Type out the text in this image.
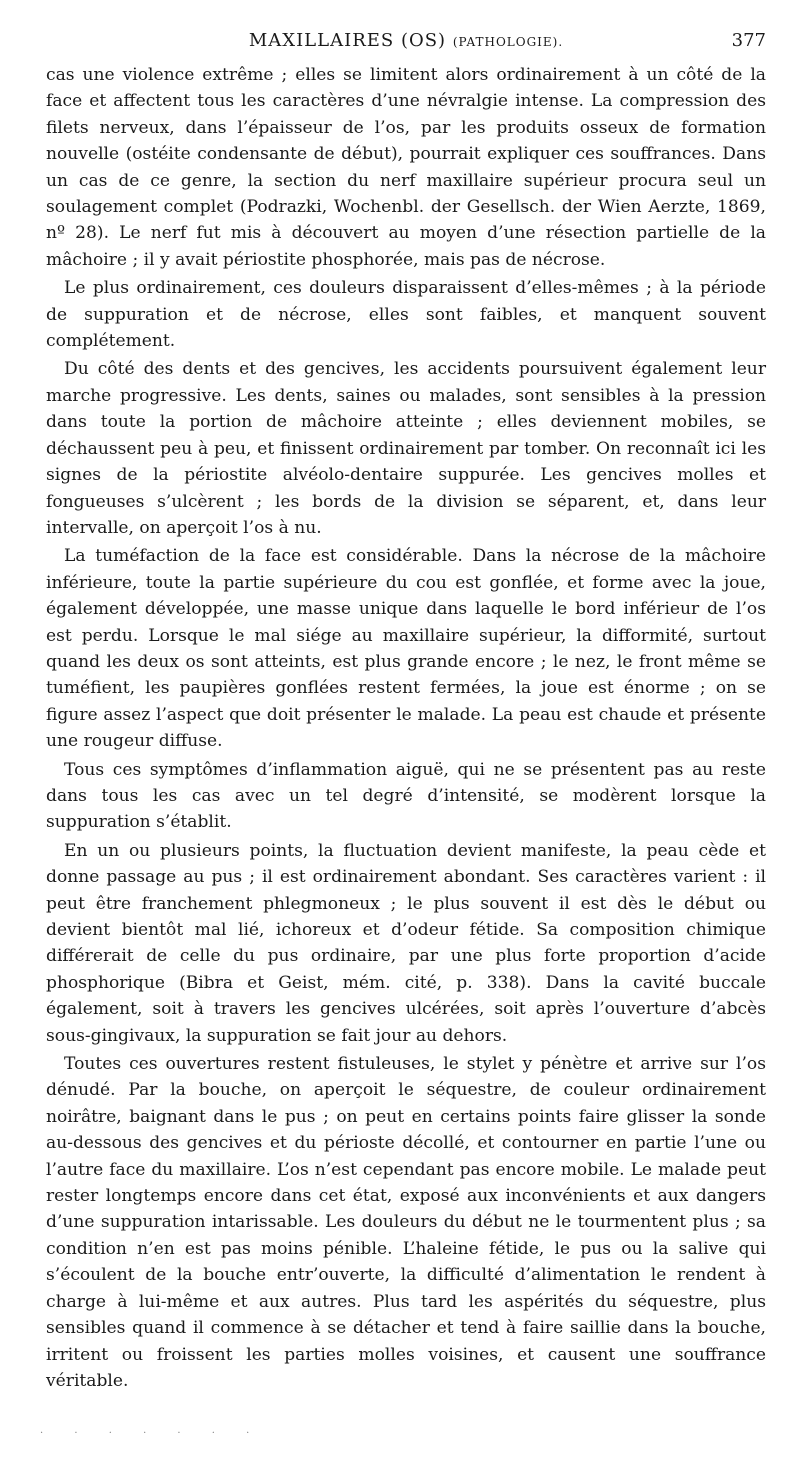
MAXILLAIRES (OS) (PATHOLOGIE).	377

cas une violence extrême ; elles se limitent alors ordinairement à un côté de la face et affectent tous les caractères d’une névralgie intense. La compression des filets nerveux, dans l’épaisseur de l’os, par les produits osseux de formation nouvelle (ostéite condensante de début), pourrait expliquer ces souffrances. Dans un cas de ce genre, la section du nerf maxillaire supérieur procura seul un soulagement complet (Podrazki, Wochenbl. der Gesellsch. der Wien Aerzte, 1869, nº 28). Le nerf fut mis à découvert au moyen d’une résection partielle de la mâchoire ; il y avait périostite phosphorée, mais pas de nécrose.

Le plus ordinairement, ces douleurs disparaissent d’elles-mêmes ; à la période de suppuration et de nécrose, elles sont faibles, et manquent souvent complétement.

Du côté des dents et des gencives, les accidents poursuivent également leur marche progressive. Les dents, saines ou malades, sont sensibles à la pression dans toute la portion de mâchoire atteinte ; elles deviennent mobiles, se déchaussent peu à peu, et finissent ordinairement par tomber. On reconnaît ici les signes de la périostite alvéolo-dentaire suppurée. Les gencives molles et fongueuses s’ulcèrent ; les bords de la division se séparent, et, dans leur intervalle, on aperçoit l’os à nu.

La tuméfaction de la face est considérable. Dans la nécrose de la mâchoire inférieure, toute la partie supérieure du cou est gonflée, et forme avec la joue, également développée, une masse unique dans laquelle le bord inférieur de l’os est perdu. Lorsque le mal siége au maxillaire supérieur, la difformité, surtout quand les deux os sont atteints, est plus grande encore ; le nez, le front même se tuméfient, les paupières gonflées restent fermées, la joue est énorme ; on se figure assez l’aspect que doit présenter le malade. La peau est chaude et présente une rougeur diffuse.

Tous ces symptômes d’inflammation aiguë, qui ne se présentent pas au reste dans tous les cas avec un tel degré d’intensité, se modèrent lorsque la suppuration s’établit.

En un ou plusieurs points, la fluctuation devient manifeste, la peau cède et donne passage au pus ; il est ordinairement abondant. Ses caractères varient : il peut être franchement phlegmoneux ; le plus souvent il est dès le début ou devient bientôt mal lié, ichoreux et d’odeur fétide. Sa composition chimique différerait de celle du pus ordinaire, par une plus forte proportion d’acide phosphorique (Bibra et Geist, mém. cité, p. 338). Dans la cavité buccale également, soit à travers les gencives ulcérées, soit après l’ouverture d’abcès sous-gingivaux, la suppuration se fait jour au dehors.

Toutes ces ouvertures restent fistuleuses, le stylet y pénètre et arrive sur l’os dénudé. Par la bouche, on aperçoit le séquestre, de couleur ordinairement noirâtre, baignant dans le pus ; on peut en certains points faire glisser la sonde au-dessous des gencives et du périoste décollé, et contourner en partie l’une ou l’autre face du maxillaire. L’os n’est cependant pas encore mobile. Le malade peut rester longtemps encore dans cet état, exposé aux inconvénients et aux dangers d’une suppuration intarissable. Les douleurs du début ne le tourmentent plus ; sa condition n’en est pas moins pénible. L’haleine fétide, le pus ou la salive qui s’écoulent de la bouche entr’ouverte, la difficulté d’alimentation le rendent à charge à lui-même et aux autres. Plus tard les aspérités du séquestre, plus sensibles quand il commence à se détacher et tend à faire saillie dans la bouche, irritent ou froissent les parties molles voisines, et causent une souffrance véritable.

· · · · · · ·
